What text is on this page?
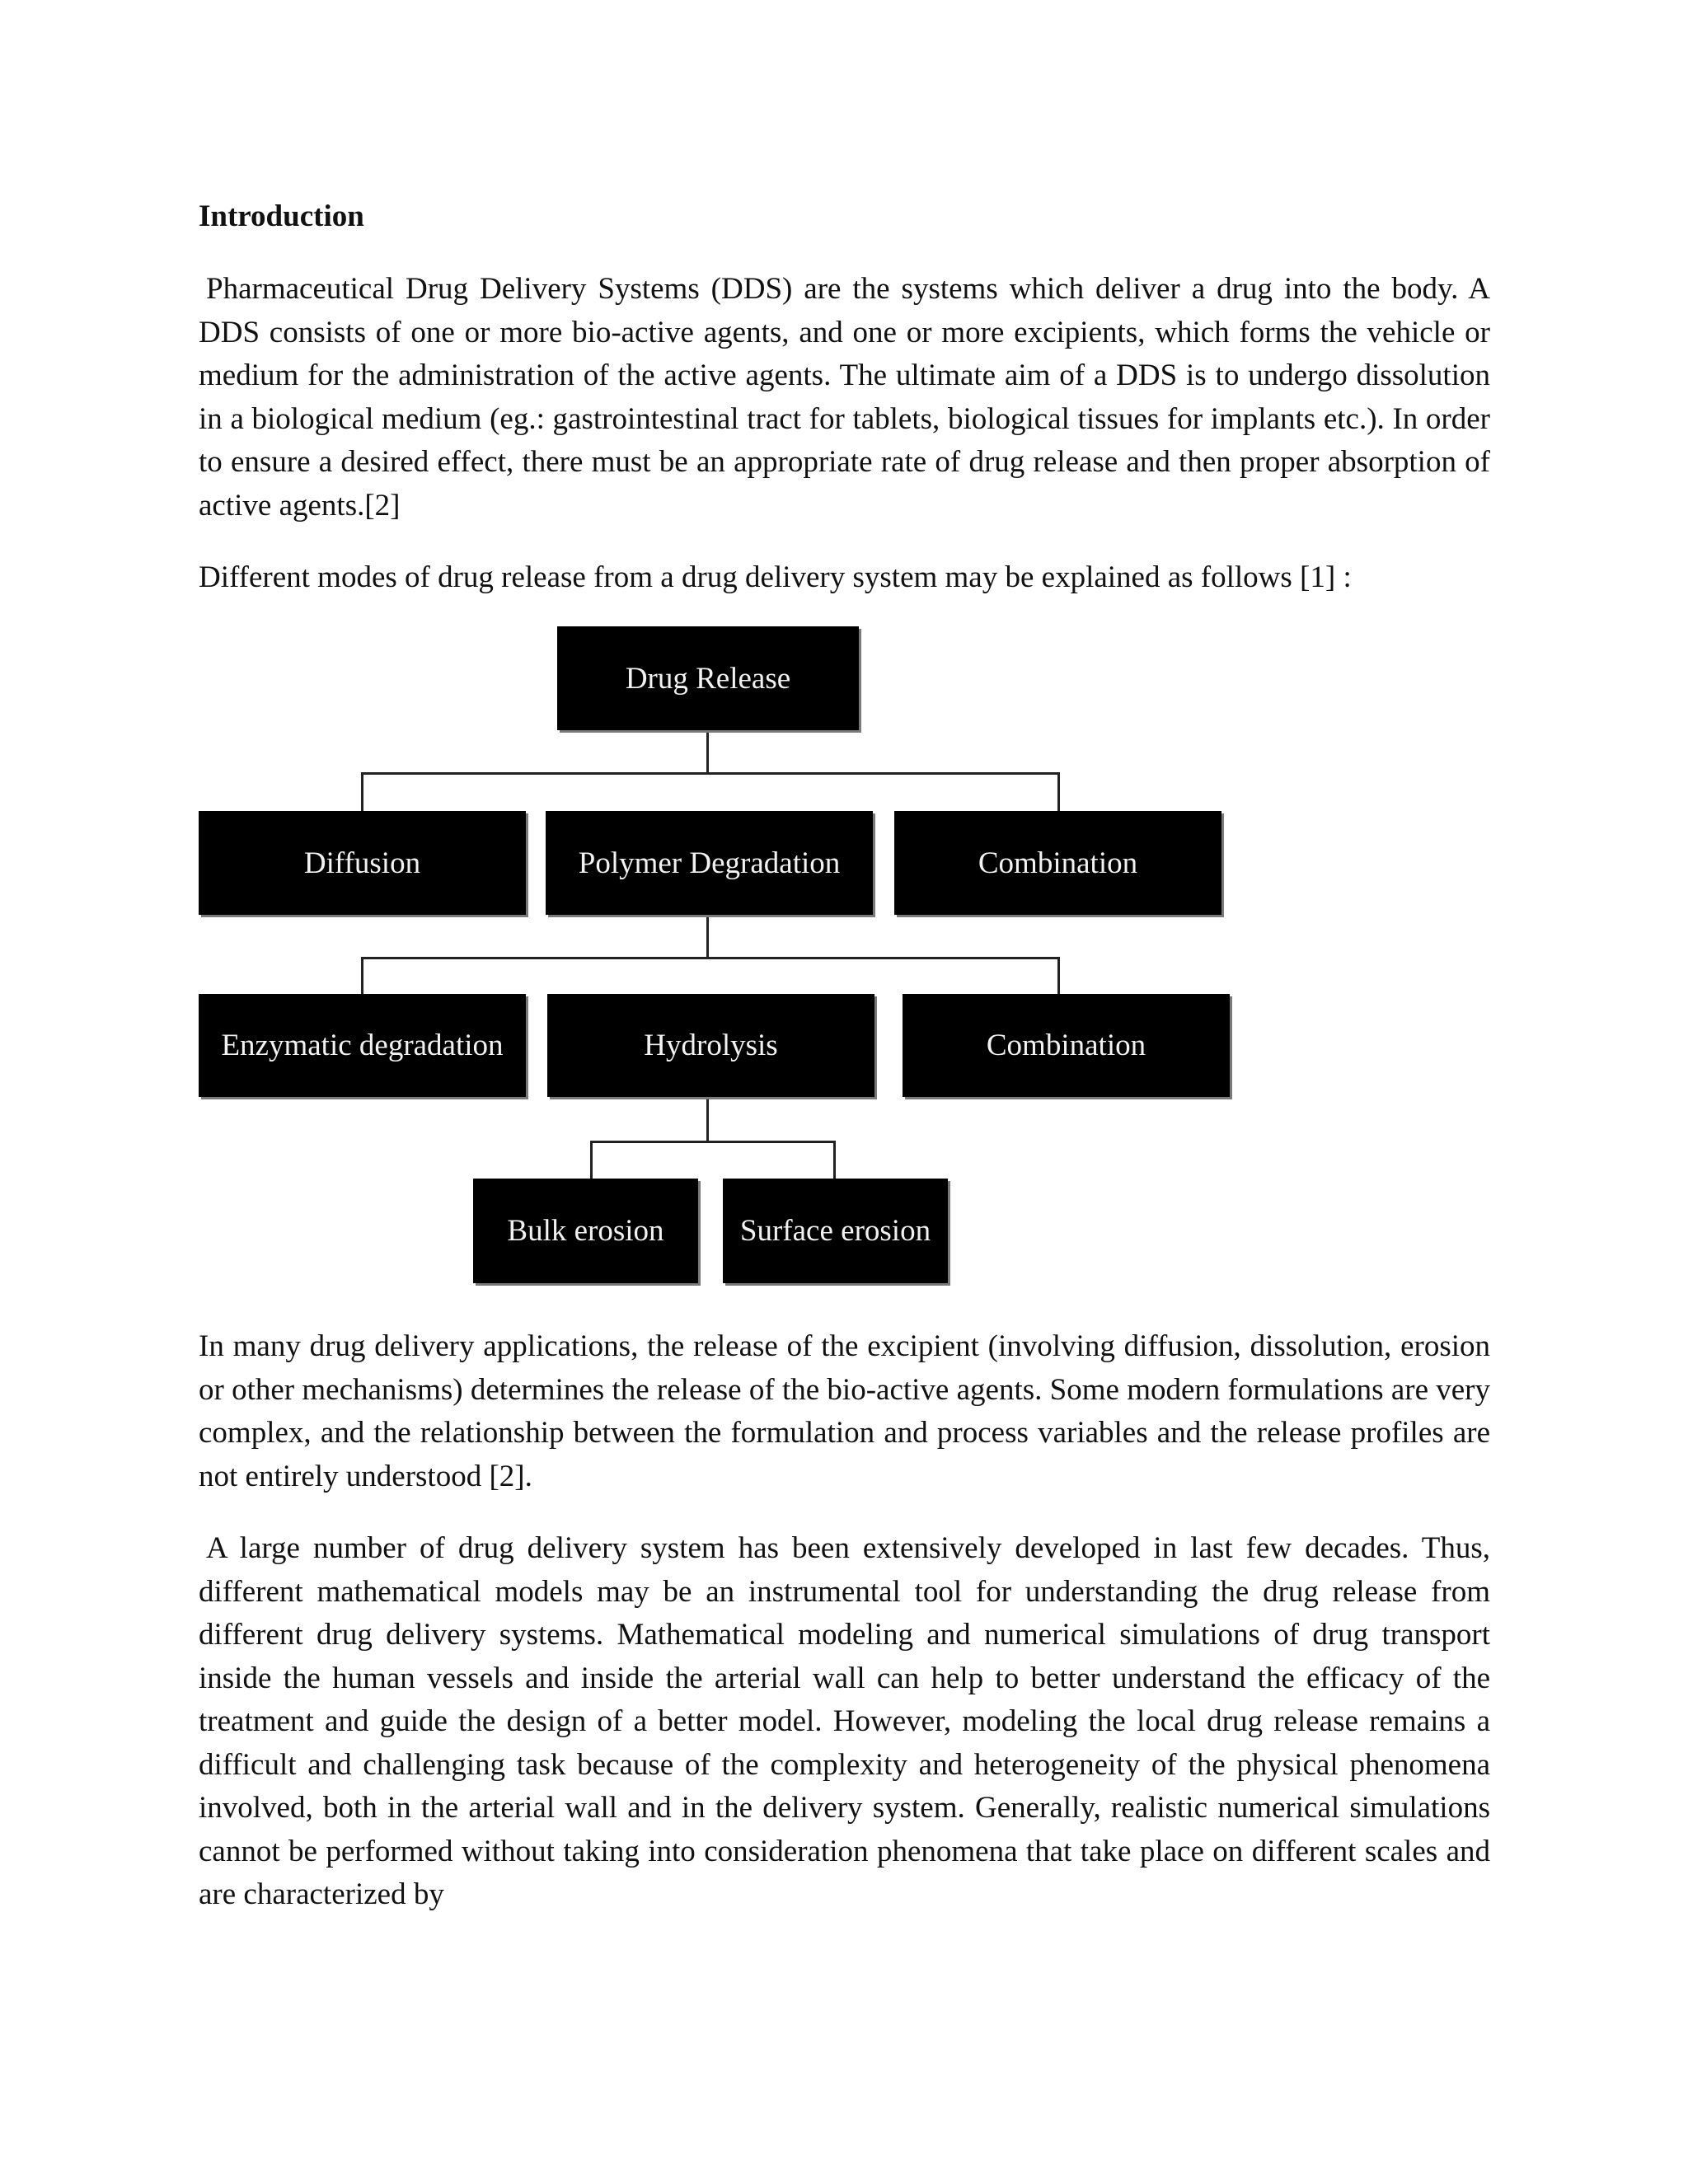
Introduction

Pharmaceutical Drug Delivery Systems (DDS) are the systems which deliver a drug into the body. A DDS consists of one or more bio-active agents, and one or more excipients, which forms the vehicle or medium for the administration of the active agents. The ultimate aim of a DDS is to undergo dissolution in a biological medium (eg.: gastrointestinal tract for tablets, biological tissues for implants etc.). In order to ensure a desired effect, there must be an appropriate rate of drug release and then proper absorption of active agents.[2]

Different modes of drug release from a drug delivery system may be explained as follows [1] :

Drug Release
Diffusion	Polymer Degradation	Combination
Enzymatic degradation	Hydrolysis	Combination
Bulk erosion	Surface erosion

In many drug delivery applications, the release of the excipient (involving diffusion, dissolution, erosion or other mechanisms) determines the release of the bio-active agents. Some modern formulations are very complex, and the relationship between the formulation and process variables and the release profiles are not entirely understood [2].

A large number of drug delivery system has been extensively developed in last few decades. Thus, different mathematical models may be an instrumental tool for understanding the drug release from different drug delivery systems. Mathematical modeling and numerical simulations of drug transport inside the human vessels and inside the arterial wall can help to better understand the efficacy of the treatment and guide the design of a better model. However, modeling the local drug release remains a difficult and challenging task because of the complexity and heterogeneity of the physical phenomena involved, both in the arterial wall and in the delivery system. Generally, realistic numerical simulations cannot be performed without taking into consideration phenomena that take place on different scales and are characterized by
